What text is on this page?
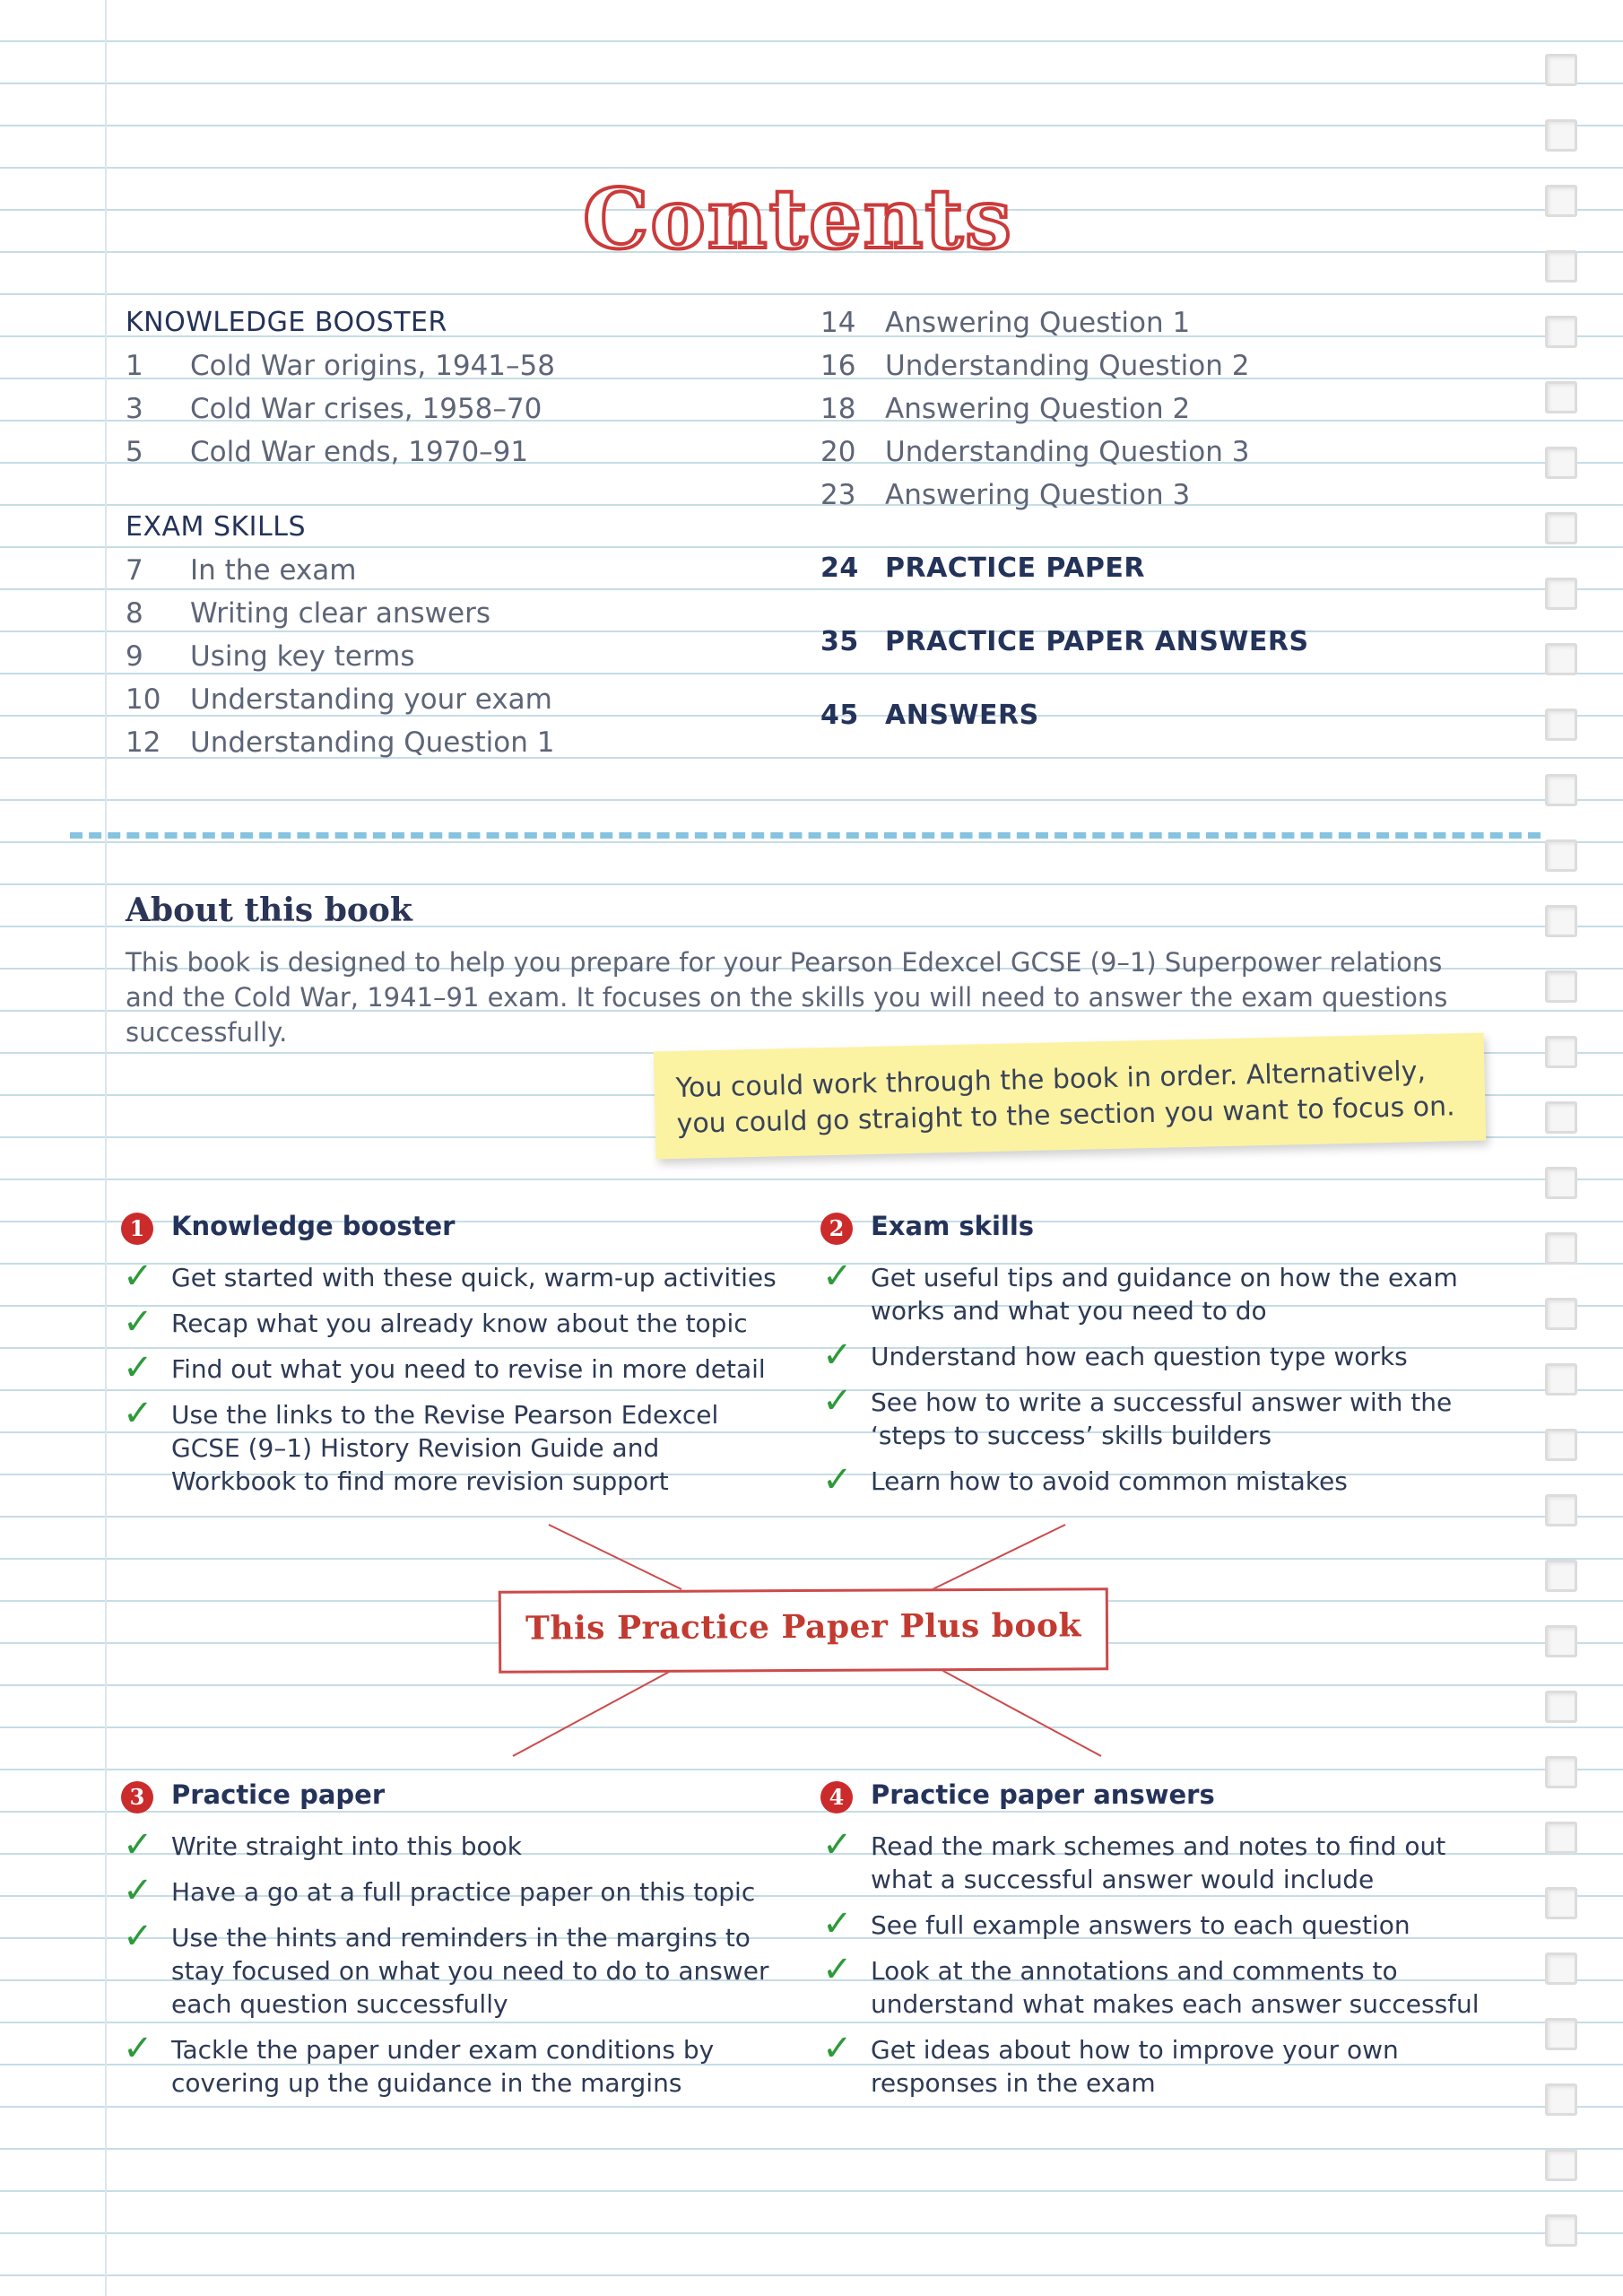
Contents
KNOWLEDGE BOOSTER
1 Cold War origins, 1941–58
3 Cold War crises, 1958–70
5 Cold War ends, 1970–91
EXAM SKILLS
7 In the exam
8 Writing clear answers
9 Using key terms
10 Understanding your exam
12 Understanding Question 1
14 Answering Question 1
16 Understanding Question 2
18 Answering Question 2
20 Understanding Question 3
23 Answering Question 3
24 PRACTICE PAPER
35 PRACTICE PAPER ANSWERS
45 ANSWERS
About this book
This book is designed to help you prepare for your Pearson Edexcel GCSE (9–1) Superpower relations and the Cold War, 1941–91 exam. It focuses on the skills you will need to answer the exam questions successfully.
You could work through the book in order. Alternatively, you could go straight to the section you want to focus on.
1	Knowledge booster
✓ Get started with these quick, warm-up activities
✓ Recap what you already know about the topic
✓ Find out what you need to revise in more detail
✓ Use the links to the Revise Pearson Edexcel GCSE (9–1) History Revision Guide and Workbook to find more revision support
2	Exam skills
✓ Get useful tips and guidance on how the exam works and what you need to do
✓ Understand how each question type works
✓ See how to write a successful answer with the ‘steps to success’ skills builders
✓ Learn how to avoid common mistakes
This Practice Paper Plus book
3	Practice paper
✓ Write straight into this book
✓ Have a go at a full practice paper on this topic
✓ Use the hints and reminders in the margins to stay focused on what you need to do to answer each question successfully
✓ Tackle the paper under exam conditions by covering up the guidance in the margins
4	Practice paper answers
✓ Read the mark schemes and notes to find out what a successful answer would include
✓ See full example answers to each question
✓ Look at the annotations and comments to understand what makes each answer successful
✓ Get ideas about how to improve your own responses in the exam
